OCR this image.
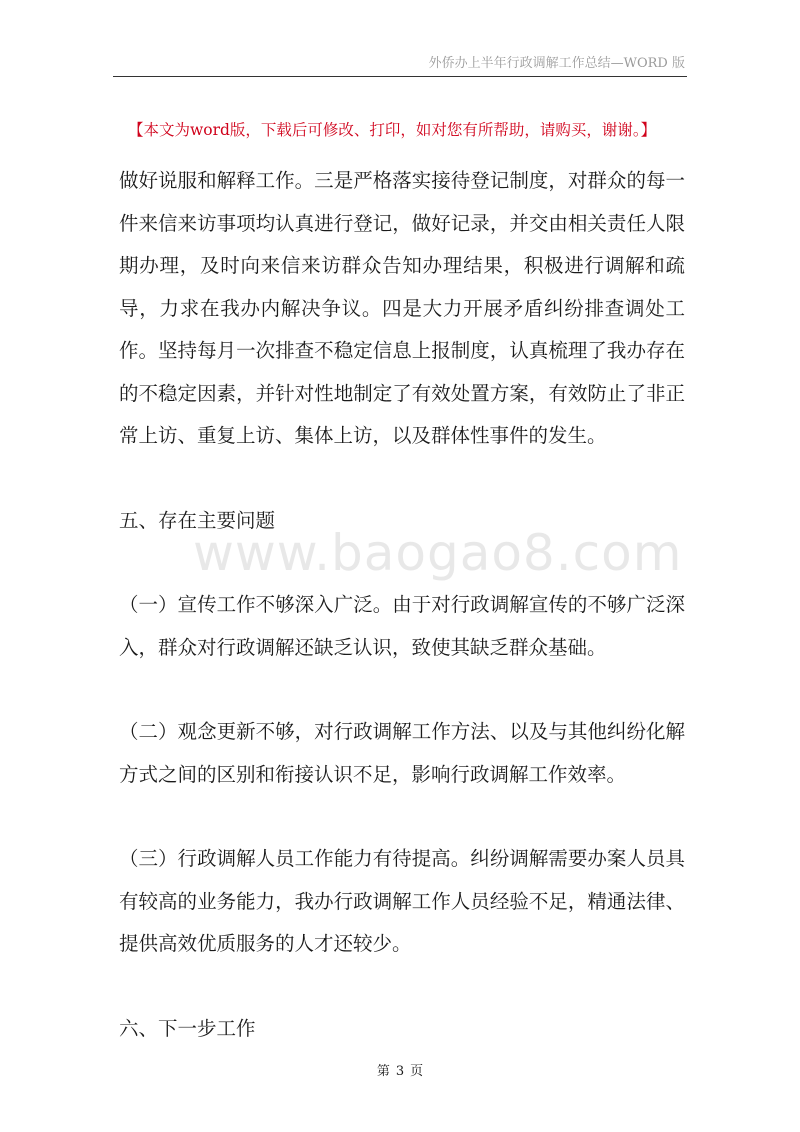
外侨办上半年行政调解工作总结—WORD 版
【本文为word版，下载后可修改、打印，如对您有所帮助，请购买，谢谢。】
www.baogao8.com

做好说服和解释工作。三是严格落实接待登记制度，对群众的每一件来信来访事项均认真进行登记，做好记录，并交由相关责任人限期办理，及时向来信来访群众告知办理结果，积极进行调解和疏导，力求在我办内解决争议。四是大力开展矛盾纠纷排查调处工作。坚持每月一次排查不稳定信息上报制度，认真梳理了我办存在的不稳定因素，并针对性地制定了有效处置方案，有效防止了非正常上访、重复上访、集体上访，以及群体性事件的发生。

五、存在主要问题

（一）宣传工作不够深入广泛。由于对行政调解宣传的不够广泛深入，群众对行政调解还缺乏认识，致使其缺乏群众基础。

（二）观念更新不够，对行政调解工作方法、以及与其他纠纷化解方式之间的区别和衔接认识不足，影响行政调解工作效率。

（三）行政调解人员工作能力有待提高。纠纷调解需要办案人员具有较高的业务能力，我办行政调解工作人员经验不足，精通法律、提供高效优质服务的人才还较少。

六、下一步工作

第 3 页
